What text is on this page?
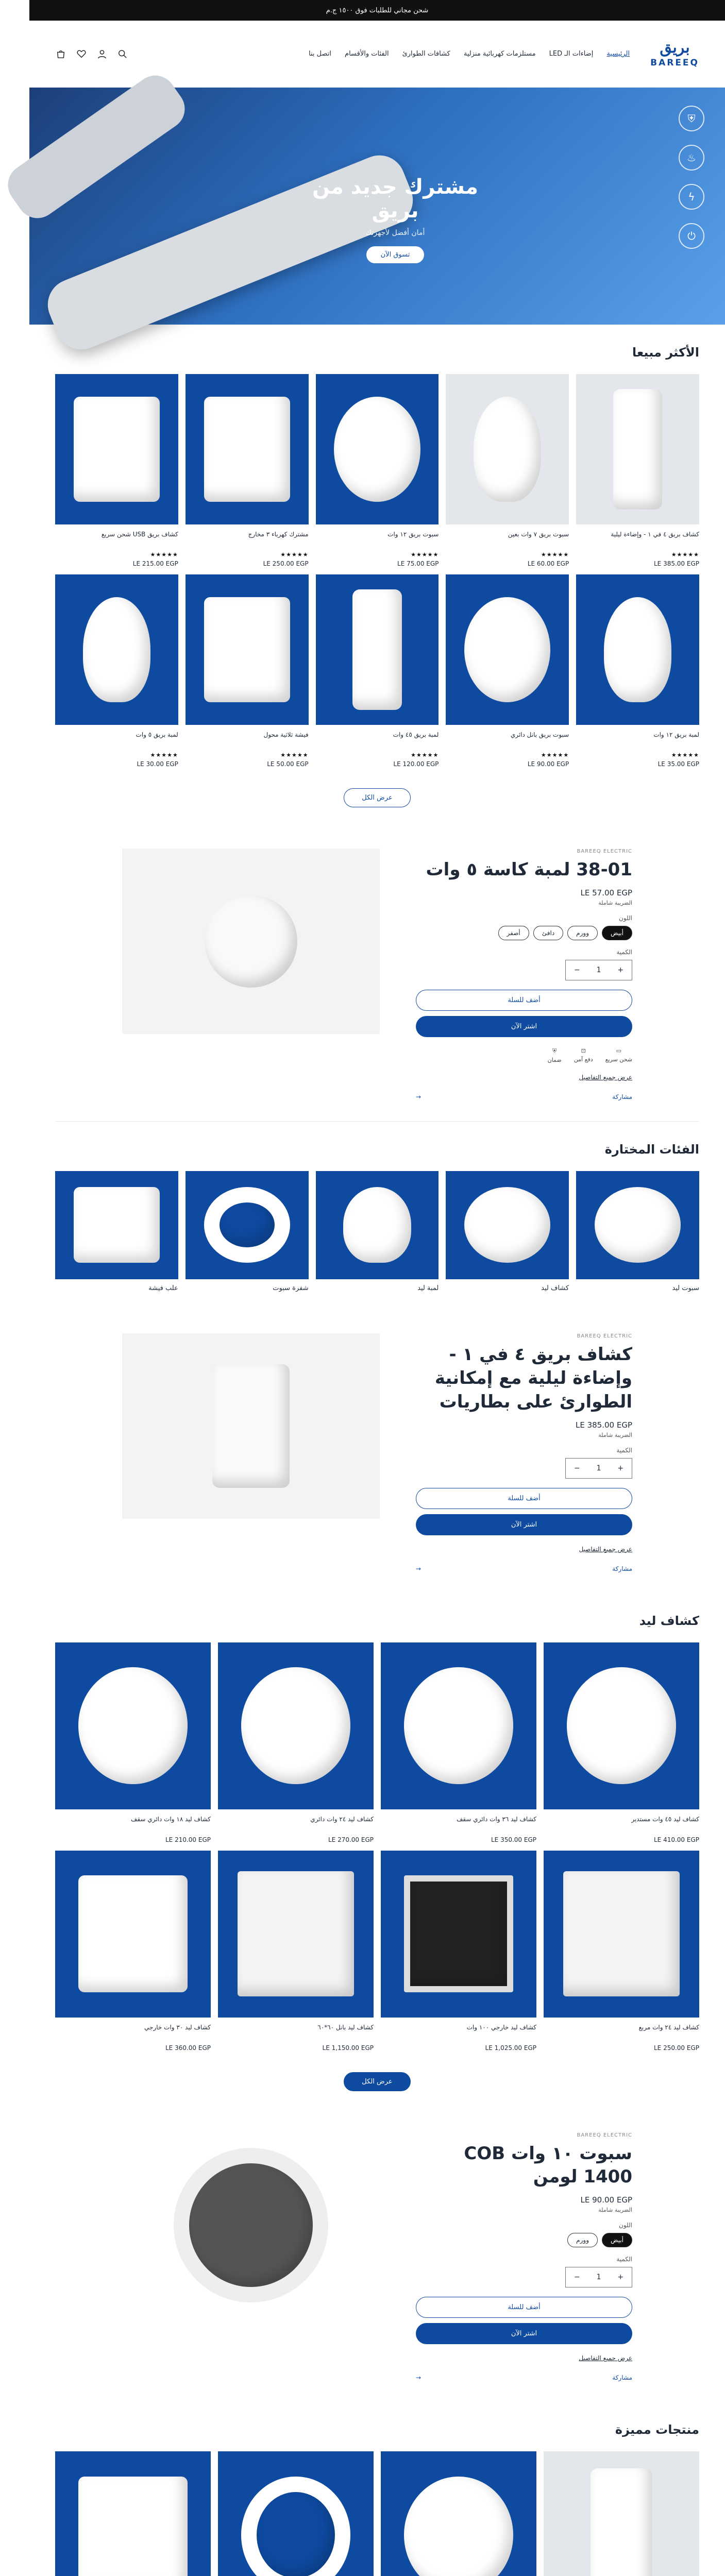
شحن مجاني للطلبات فوق ١٥٠٠ ج.م
بريق
BAREEQ
الرئيسية
إضاءات الـ LED
مستلزمات كهربائية منزلية
كشافات الطوارئ
الفئات والأقسام
اتصل بنا
مشترك جديد من بريق
أمان أفضل لأجهزتك
تسوق الآن
⛨
♨
ϟ
⏻
الأكثر مبيعا
كشاف بريق ٤ في ١ - وإضاءة ليلية
★★★★★
LE 385.00 EGP
سبوت بريق ٧ وات بعين
★★★★★
LE 60.00 EGP
سبوت بريق ١٢ وات
★★★★★
LE 75.00 EGP
مشترك كهرباء ٣ مخارج
★★★★★
LE 250.00 EGP
كشاف بريق USB شحن سريع
★★★★★
LE 215.00 EGP
لمبة بريق ١٢ وات
★★★★★
LE 35.00 EGP
سبوت بريق بانل دائري
★★★★★
LE 90.00 EGP
لمبة بريق ٤٥ وات
★★★★★
LE 120.00 EGP
فيشة ثلاثية محول
★★★★★
LE 50.00 EGP
لمبة بريق ٥ وات
★★★★★
LE 30.00 EGP
عرض الكل
BAREEQ ELECTRIC
38-01 لمبة كاسة ٥ وات
LE 57.00 EGP
الضريبة شاملة
اللون
أبيض
وورم
دافئ
أصفر
الكمية
+
1
−
أضف للسلة
اشتر الآن
▭
شحن سريع
⊡
دفع آمن
⛨
ضمان
عرض جميع التفاصيل
مشاركة
→
الفئات المختارة
سبوت ليد
كشاف ليد
لمبة ليد
شفرة سبوت
علب فيشة
BAREEQ ELECTRIC
كشاف بريق ٤ في ١ - وإضاءة ليلية مع إمكانية الطوارئ على بطاريات
LE 385.00 EGP
الضريبة شاملة
الكمية
+
1
−
أضف للسلة
اشتر الآن
عرض جميع التفاصيل
مشاركة
→
كشاف ليد
كشاف ليد ٤٥ وات مستدير
LE 410.00 EGP
كشاف ليد ٣٦ وات دائري سقف
LE 350.00 EGP
كشاف ليد ٢٤ وات دائري
LE 270.00 EGP
كشاف ليد ١٨ وات دائري سقف
LE 210.00 EGP
كشاف ليد ٢٤ وات مربع
LE 250.00 EGP
كشاف ليد خارجي ١٠٠ وات
LE 1,025.00 EGP
كشاف ليد بانل ٦٠*٦٠
LE 1,150.00 EGP
كشاف ليد ٣٠ وات خارجي
LE 360.00 EGP
عرض الكل
BAREEQ ELECTRIC
سبوت ١٠ وات COB 1400 لومن
LE 90.00 EGP
الضريبة شاملة
اللون
أبيض
وورم
الكمية
+
1
−
أضف للسلة
اشتر الآن
عرض جميع التفاصيل
مشاركة
→
منتجات مميزة
